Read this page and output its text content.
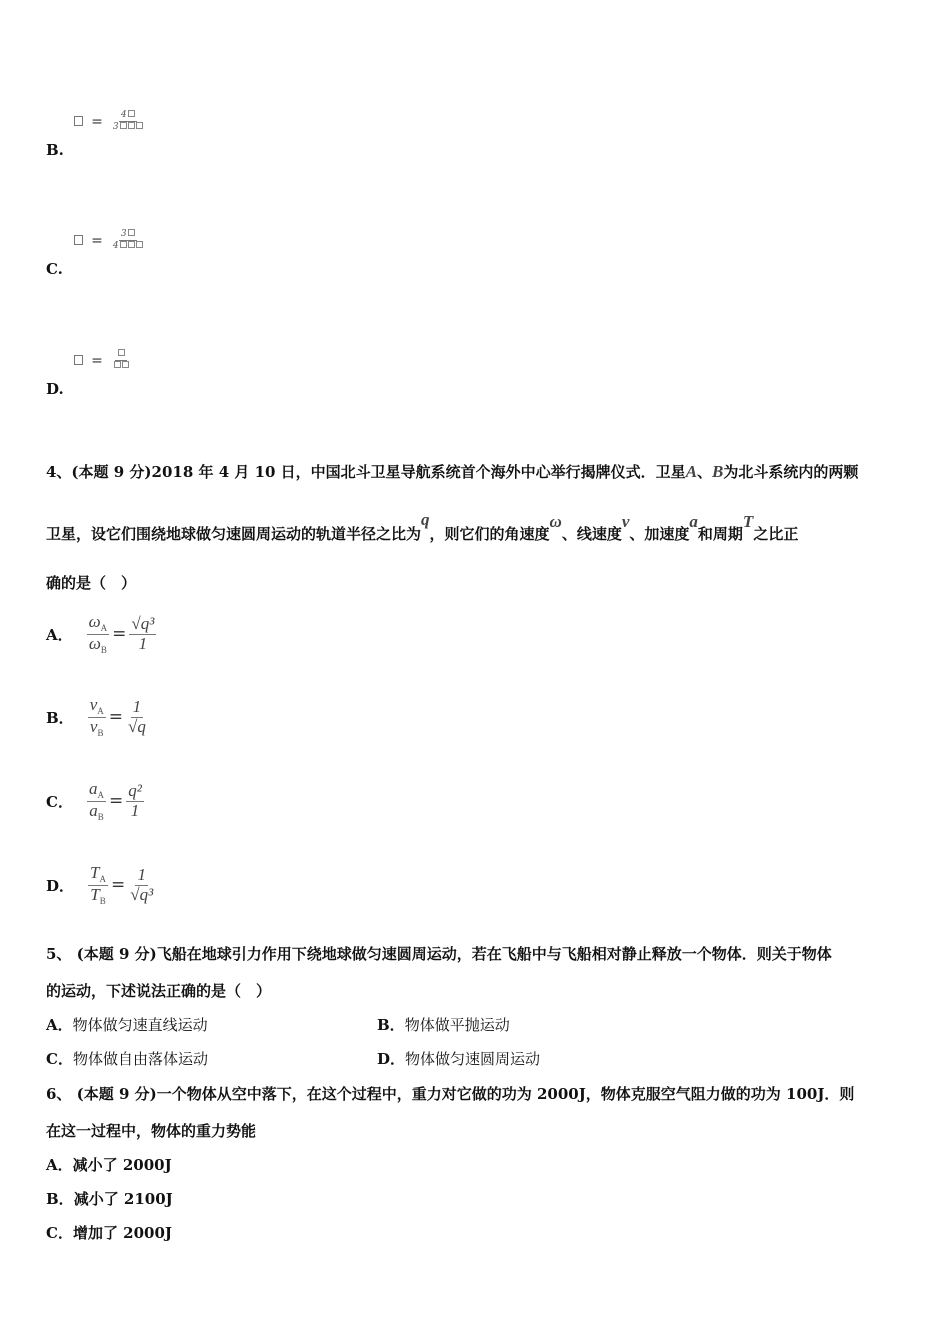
= $\frac{4}{3}$
B.
= $\frac{3}{4}$
C.
=
D.
4、(本题 9 分)2018 年 4 月 10 日，中国北斗卫星导航系统首个海外中心举行揭牌仪式．卫星A、B为北斗系统内的两颗
卫星，设它们围绕地球做匀速圆周运动的轨道半径之比为q，则它们的角速度ω、线速度v、加速度a和周期T之比正
确的是（　）
A． $\frac{\omega_A}{\omega_B} = \frac{\text{√q³}}{1}$
B． $\frac{v_A}{v_B} = \frac{1}{√q}$
C． $\frac{a_A}{a_B} = \frac{\text{q²}}{1}$
D． $\frac{T_A}{T_B} = \frac{1}{\text{√q³}}$
5、 (本题 9 分)飞船在地球引力作用下绕地球做匀速圆周运动，若在飞船中与飞船相对静止释放一个物体．则关于物体
的运动，下述说法正确的是（　）
A．物体做匀速直线运动	B．物体做平抛运动
C．物体做自由落体运动	D．物体做匀速圆周运动
6、 (本题 9 分)一个物体从空中落下，在这个过程中，重力对它做的功为 2000J，物体克服空气阻力做的功为 100J．则
在这一过程中，物体的重力势能
A．减小了 2000J
B．减小了 2100J
C．增加了 2000J
